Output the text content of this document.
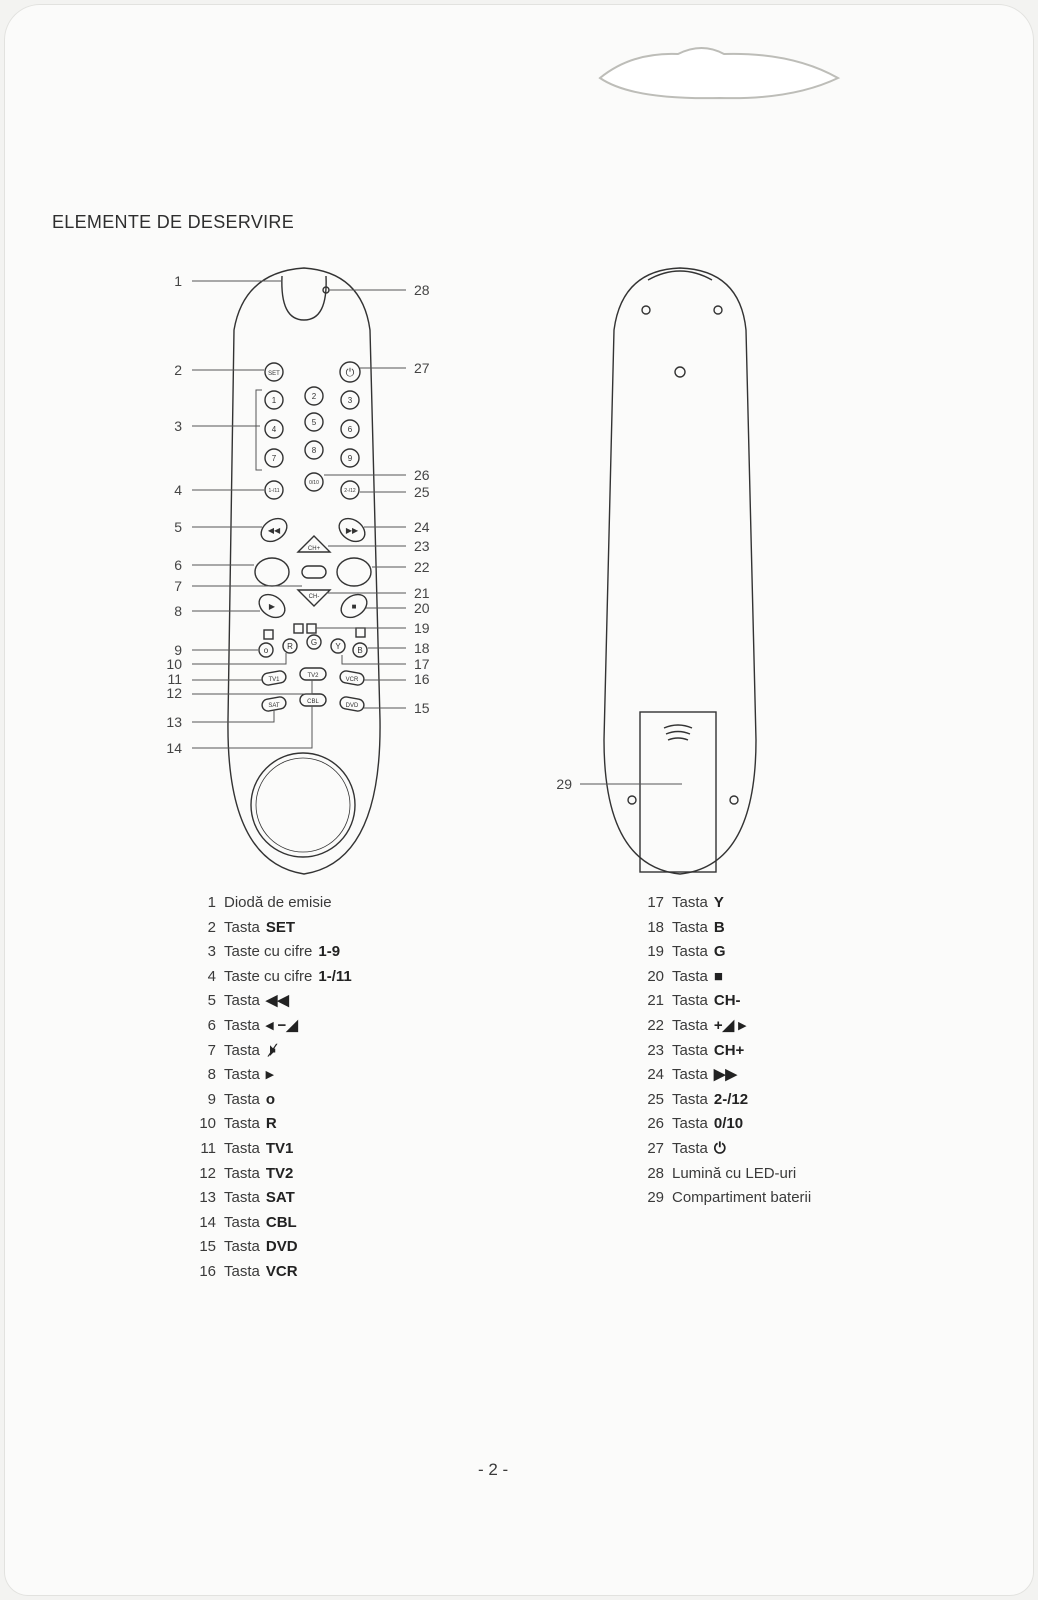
ELEMENTE DE DESERVIRE
1
2
3
4
5
6
7
8
9
10
11
12
13
14
15
16
17
18
19
20
21
22
23
24
25
26
27
28
29
SET	⏻
1	2	3
4
5
6
7
8
9
1-/11
0/10
2-/12
◀◀	▶▶
CH+
CH-
▶	■
o R G Y B
TV1
TV2
VCR
SAT
CBL
DVD
1 Diodă de emisie
2 Tasta SET
3 Taste cu cifre 1-9
4 Taste cu cifre 1-/11
5 Tasta ◀◀
6 Tasta ◂ −◢
7 Tasta 🕨̸
8 Tasta ▸
9 Tasta o
10 Tasta R
11 Tasta TV1
12 Tasta TV2
13 Tasta SAT
14 Tasta CBL
15 Tasta DVD
16 Tasta VCR
17 Tasta Y
18 Tasta B
19 Tasta G
20 Tasta ■
21 Tasta CH-
22 Tasta +◢ ▸
23 Tasta CH+
24 Tasta ▶▶
25 Tasta 2-/12
26 Tasta 0/10
27 Tasta ⏻
28 Lumină cu LED-uri
29 Compartiment baterii
- 2 -
